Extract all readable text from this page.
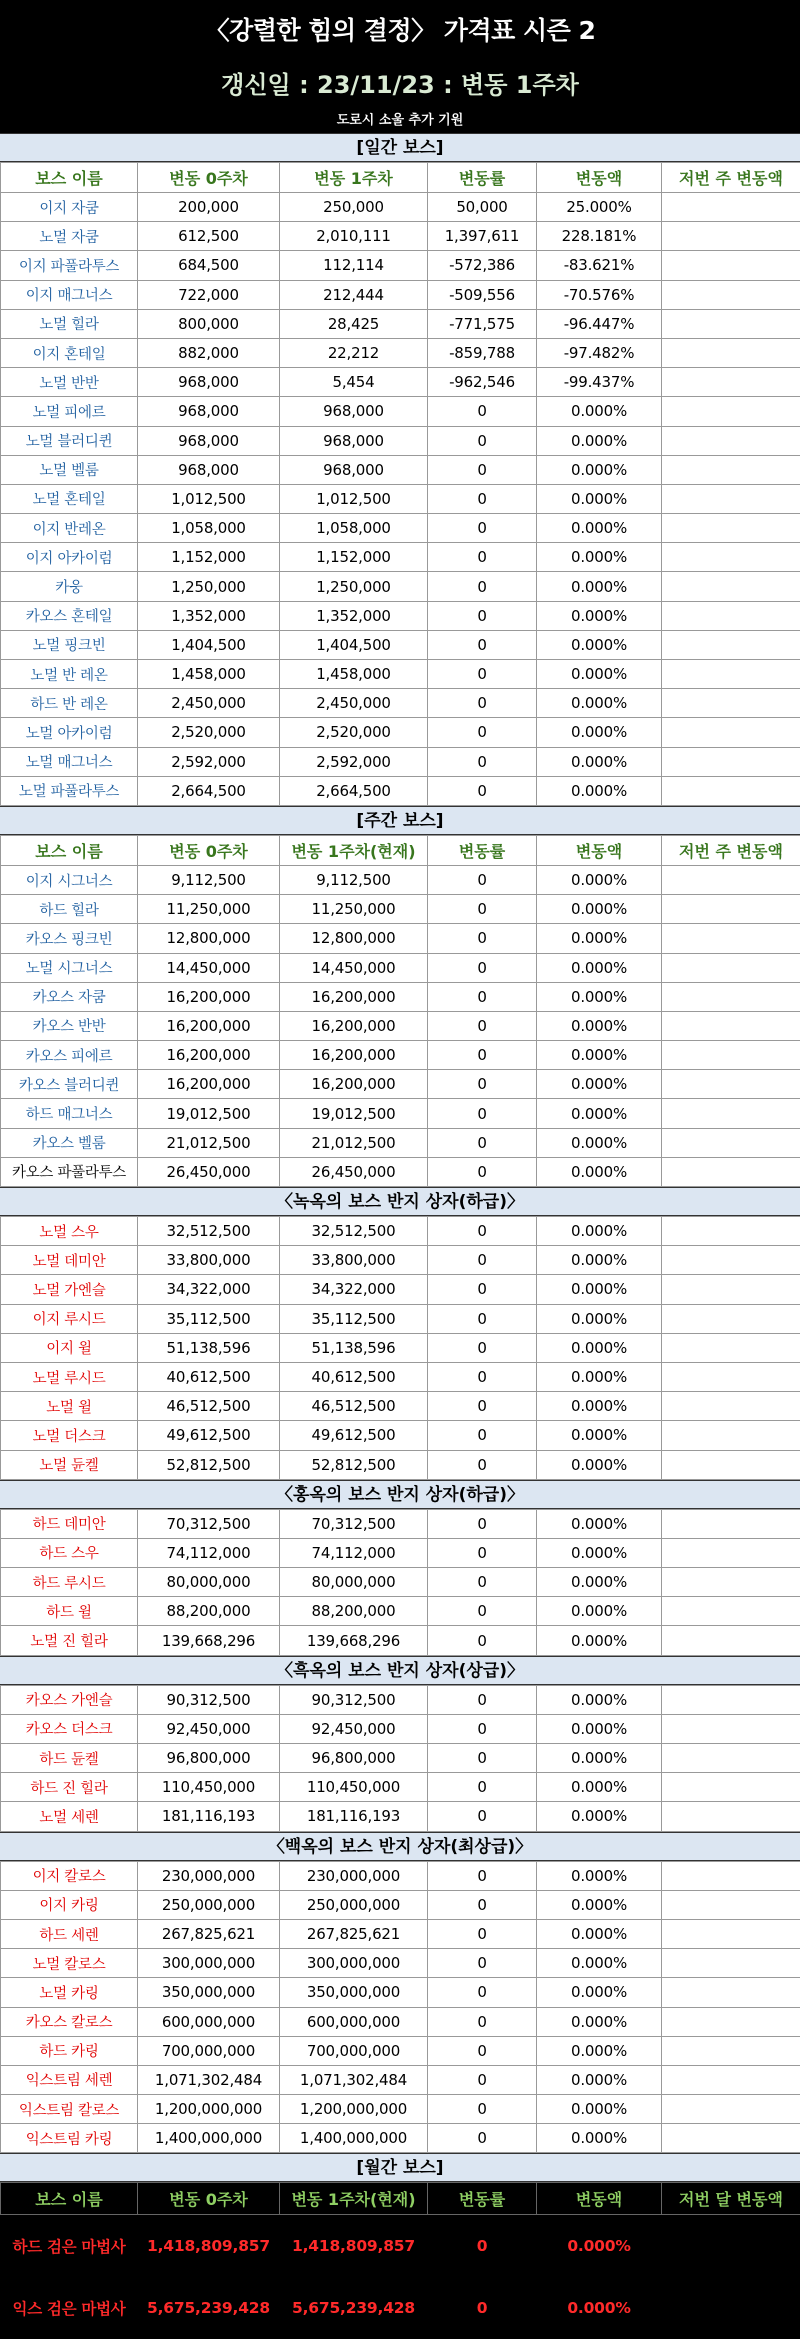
〈강렬한 힘의 결정〉 가격표 시즌 2
갱신일 : 23/11/23 : 변동 1주차
도로시 소울 추가 기원
[일간 보스]
보스 이름	변동 0주차	변동 1주차	변동률	변동액	저번 주 변동액
이지 자쿰	200,000	250,000	50,000	25.000%	
노멀 자쿰	612,500	2,010,111	1,397,611	228.181%	
이지 파풀라투스	684,500	112,114	-572,386	-83.621%	
이지 매그너스	722,000	212,444	-509,556	-70.576%	
노멀 힐라	800,000	28,425	-771,575	-96.447%	
이지 혼테일	882,000	22,212	-859,788	-97.482%	
노멀 반반	968,000	5,454	-962,546	-99.437%	
노멀 피에르	968,000	968,000	0	0.000%	
노멀 블러디퀸	968,000	968,000	0	0.000%	
노멀 벨룸	968,000	968,000	0	0.000%	
노멀 혼테일	1,012,500	1,012,500	0	0.000%	
이지 반레온	1,058,000	1,058,000	0	0.000%	
이지 아카이럼	1,152,000	1,152,000	0	0.000%	
카웅	1,250,000	1,250,000	0	0.000%	
카오스 혼테일	1,352,000	1,352,000	0	0.000%	
노멀 핑크빈	1,404,500	1,404,500	0	0.000%	
노멀 반 레온	1,458,000	1,458,000	0	0.000%	
하드 반 레온	2,450,000	2,450,000	0	0.000%	
노멀 아카이럼	2,520,000	2,520,000	0	0.000%	
노멀 매그너스	2,592,000	2,592,000	0	0.000%	
노멀 파풀라투스	2,664,500	2,664,500	0	0.000%	
[주간 보스]
보스 이름	변동 0주차	변동 1주차(현재)	변동률	변동액	저번 주 변동액
이지 시그너스	9,112,500	9,112,500	0	0.000%	
하드 힐라	11,250,000	11,250,000	0	0.000%	
카오스 핑크빈	12,800,000	12,800,000	0	0.000%	
노멀 시그너스	14,450,000	14,450,000	0	0.000%	
카오스 자쿰	16,200,000	16,200,000	0	0.000%	
카오스 반반	16,200,000	16,200,000	0	0.000%	
카오스 피에르	16,200,000	16,200,000	0	0.000%	
카오스 블러디퀸	16,200,000	16,200,000	0	0.000%	
하드 매그너스	19,012,500	19,012,500	0	0.000%	
카오스 벨룸	21,012,500	21,012,500	0	0.000%	
카오스 파풀라투스	26,450,000	26,450,000	0	0.000%	
〈녹옥의 보스 반지 상자(하급)〉
노멀 스우	32,512,500	32,512,500	0	0.000%	
노멀 데미안	33,800,000	33,800,000	0	0.000%	
노멀 가엔슬	34,322,000	34,322,000	0	0.000%	
이지 루시드	35,112,500	35,112,500	0	0.000%	
이지 윌	51,138,596	51,138,596	0	0.000%	
노멀 루시드	40,612,500	40,612,500	0	0.000%	
노멀 윌	46,512,500	46,512,500	0	0.000%	
노멀 더스크	49,612,500	49,612,500	0	0.000%	
노멀 듄켈	52,812,500	52,812,500	0	0.000%	
〈홍옥의 보스 반지 상자(하급)〉
하드 데미안	70,312,500	70,312,500	0	0.000%	
하드 스우	74,112,000	74,112,000	0	0.000%	
하드 루시드	80,000,000	80,000,000	0	0.000%	
하드 윌	88,200,000	88,200,000	0	0.000%	
노멀 진 힐라	139,668,296	139,668,296	0	0.000%	
〈흑옥의 보스 반지 상자(상급)〉
카오스 가엔슬	90,312,500	90,312,500	0	0.000%	
카오스 더스크	92,450,000	92,450,000	0	0.000%	
하드 듄켈	96,800,000	96,800,000	0	0.000%	
하드 진 힐라	110,450,000	110,450,000	0	0.000%	
노멀 세렌	181,116,193	181,116,193	0	0.000%	
〈백옥의 보스 반지 상자(최상급)〉
이지 칼로스	230,000,000	230,000,000	0	0.000%	
이지 카링	250,000,000	250,000,000	0	0.000%	
하드 세렌	267,825,621	267,825,621	0	0.000%	
노멀 칼로스	300,000,000	300,000,000	0	0.000%	
노멀 카링	350,000,000	350,000,000	0	0.000%	
카오스 칼로스	600,000,000	600,000,000	0	0.000%	
하드 카링	700,000,000	700,000,000	0	0.000%	
익스트림 세렌	1,071,302,484	1,071,302,484	0	0.000%	
익스트림 칼로스	1,200,000,000	1,200,000,000	0	0.000%	
익스트림 카링	1,400,000,000	1,400,000,000	0	0.000%	
[월간 보스]
보스 이름	변동 0주차	변동 1주차(현재)	변동률	변동액	저번 달 변동액
하드 검은 마법사	1,418,809,857	1,418,809,857	0	0.000%	
익스 검은 마법사	5,675,239,428	5,675,239,428	0	0.000%	
